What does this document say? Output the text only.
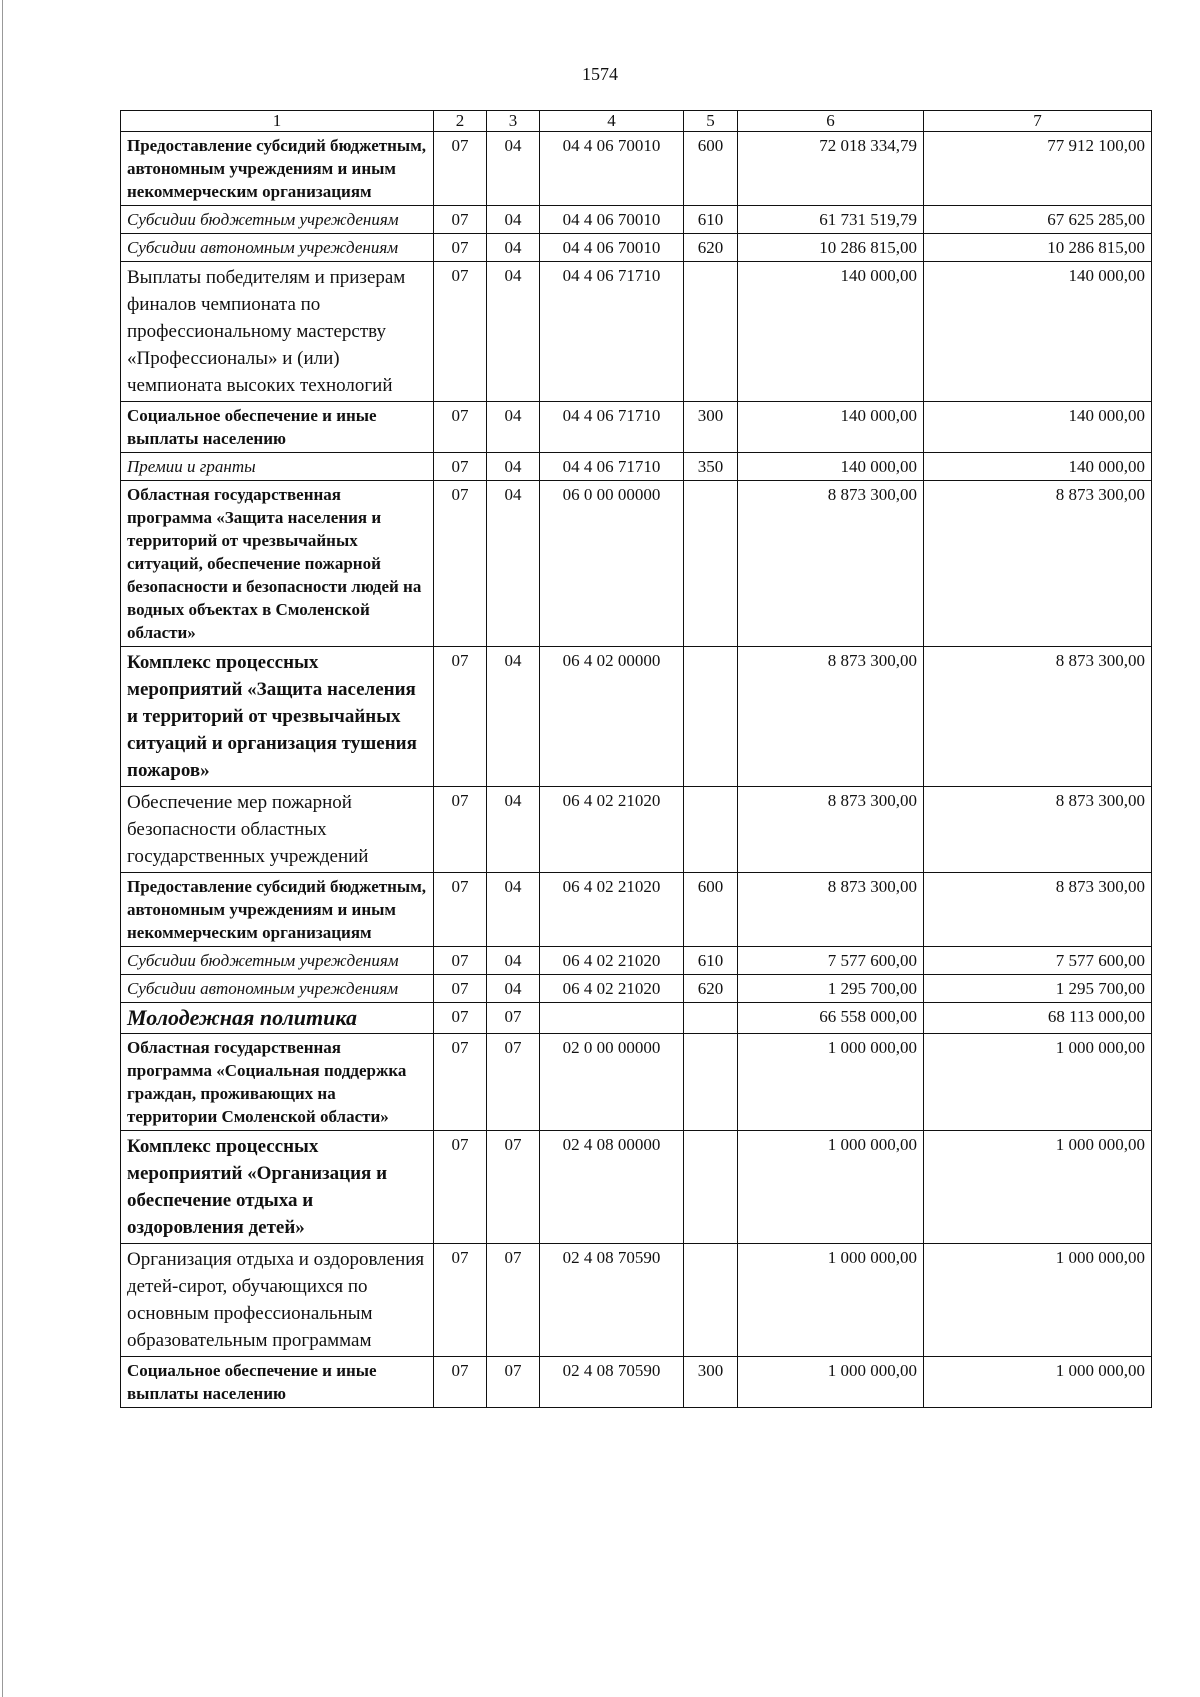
1574
1	2	3	4	5	6	7
Предоставление субсидий бюджетным, автономным учреждениям и иным некоммерческим организациям	07	04	04 4 06 70010	600	72 018 334,79	77 912 100,00
Субсидии бюджетным учреждениям	07	04	04 4 06 70010	610	61 731 519,79	67 625 285,00
Субсидии автономным учреждениям	07	04	04 4 06 70010	620	10 286 815,00	10 286 815,00
Выплаты победителям и призерам финалов чемпионата по профессиональному мастерству «Профессионалы» и (или) чемпионата высоких технологий	07	04	04 4 06 71710		140 000,00	140 000,00
Социальное обеспечение и иные выплаты населению	07	04	04 4 06 71710	300	140 000,00	140 000,00
Премии и гранты	07	04	04 4 06 71710	350	140 000,00	140 000,00
Областная государственная программа «Защита населения и территорий от чрезвычайных ситуаций, обеспечение пожарной безопасности и безопасности людей на водных объектах в Смоленской области»	07	04	06 0 00 00000		8 873 300,00	8 873 300,00
Комплекс процессных мероприятий «Защита населения и территорий от чрезвычайных ситуаций и организация тушения пожаров»	07	04	06 4 02 00000		8 873 300,00	8 873 300,00
Обеспечение мер пожарной безопасности областных государственных учреждений	07	04	06 4 02 21020		8 873 300,00	8 873 300,00
Предоставление субсидий бюджетным, автономным учреждениям и иным некоммерческим организациям	07	04	06 4 02 21020	600	8 873 300,00	8 873 300,00
Субсидии бюджетным учреждениям	07	04	06 4 02 21020	610	7 577 600,00	7 577 600,00
Субсидии автономным учреждениям	07	04	06 4 02 21020	620	1 295 700,00	1 295 700,00
Молодежная политика	07	07			66 558 000,00	68 113 000,00
Областная государственная программа «Социальная поддержка граждан, проживающих на территории Смоленской области»	07	07	02 0 00 00000		1 000 000,00	1 000 000,00
Комплекс процессных мероприятий «Организация и обеспечение отдыха и оздоровления детей»	07	07	02 4 08 00000		1 000 000,00	1 000 000,00
Организация отдыха и оздоровления детей-сирот, обучающихся по основным профессиональным образовательным программам	07	07	02 4 08 70590		1 000 000,00	1 000 000,00
Социальное обеспечение и иные выплаты населению	07	07	02 4 08 70590	300	1 000 000,00	1 000 000,00
